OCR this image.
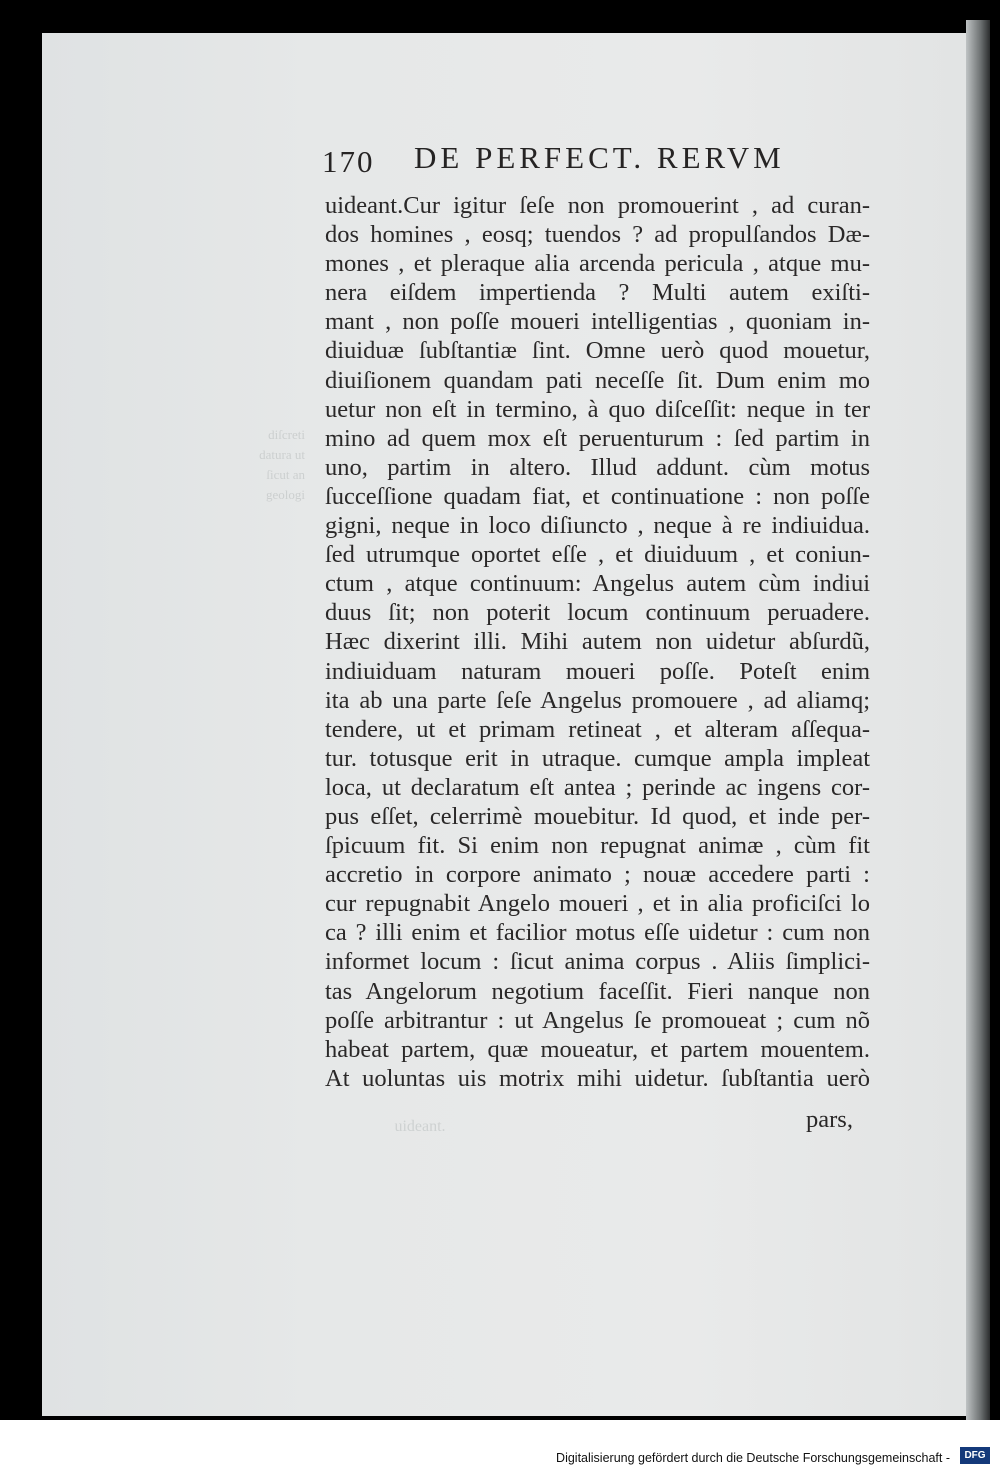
170 DE PERFECT. RERVM
diſcreti datura ut ſicut an geologi
uideant.Cur igitur ſeſe non promouerint , ad curan-
dos homines , eosq; tuendos ? ad propulſandos Dæ-
mones , et pleraque alia arcenda pericula , atque mu-
nera eiſdem impertienda ? Multi autem exiſti-
mant , non poſſe moueri intelligentias , quoniam in-
diuiduæ ſubſtantiæ ſint. Omne uerò quod mouetur,
diuiſionem quandam pati neceſſe ſit. Dum enim mo
uetur non eſt in termino, à quo diſceſſit: neque in ter
mino ad quem mox eſt peruenturum : ſed partim in
uno, partim in altero. Illud addunt. cùm motus
ſucceſſione quadam fiat, et continuatione : non poſſe
gigni, neque in loco diſiunctо , neque à re indiuidua.
ſed utrumque oportet eſſe , et diuiduum , et coniun-
ctum , atque continuum: Angelus autem cùm indiui
duus ſit; non poterit locum continuum peruadere.
Hæc dixerint illi. Mihi autem non uidetur abſurdũ,
indiuiduam naturam moueri poſſe. Poteſt enim
ita ab una parte ſeſe Angelus promouere , ad aliamq;
tendere, ut et primam retineat , et alteram aſſequa-
tur. totusque erit in utraque. cumque ampla impleat
loca, ut declaratum eſt antea ; perinde ac ingens cor-
pus eſſet, celerrimè mouebitur. Id quod, et inde per-
ſpicuum fit. Si enim non repugnat animæ , cùm fit
accretio in corpore animato ; nouæ accedere parti :
cur repugnabit Angelo moueri , et in alia proficiſci lo
ca ? illi enim et facilior motus eſſe uidetur : cum non
informet locum : ſicut anima corpus . Aliis ſimplici-
tas Angelorum negotium faceſſit. Fieri nanque non
poſſe arbitrantur : ut Angelus ſe promoueat ; cum nõ
habeat partem, quæ moueatur, et partem mouentem.
At uoluntas uis motrix mihi uidetur. ſubſtantia uerò
pars,
uideant.
Digitalisierung gefördert durch die Deutsche Forschungsgemeinschaft -	DFG
